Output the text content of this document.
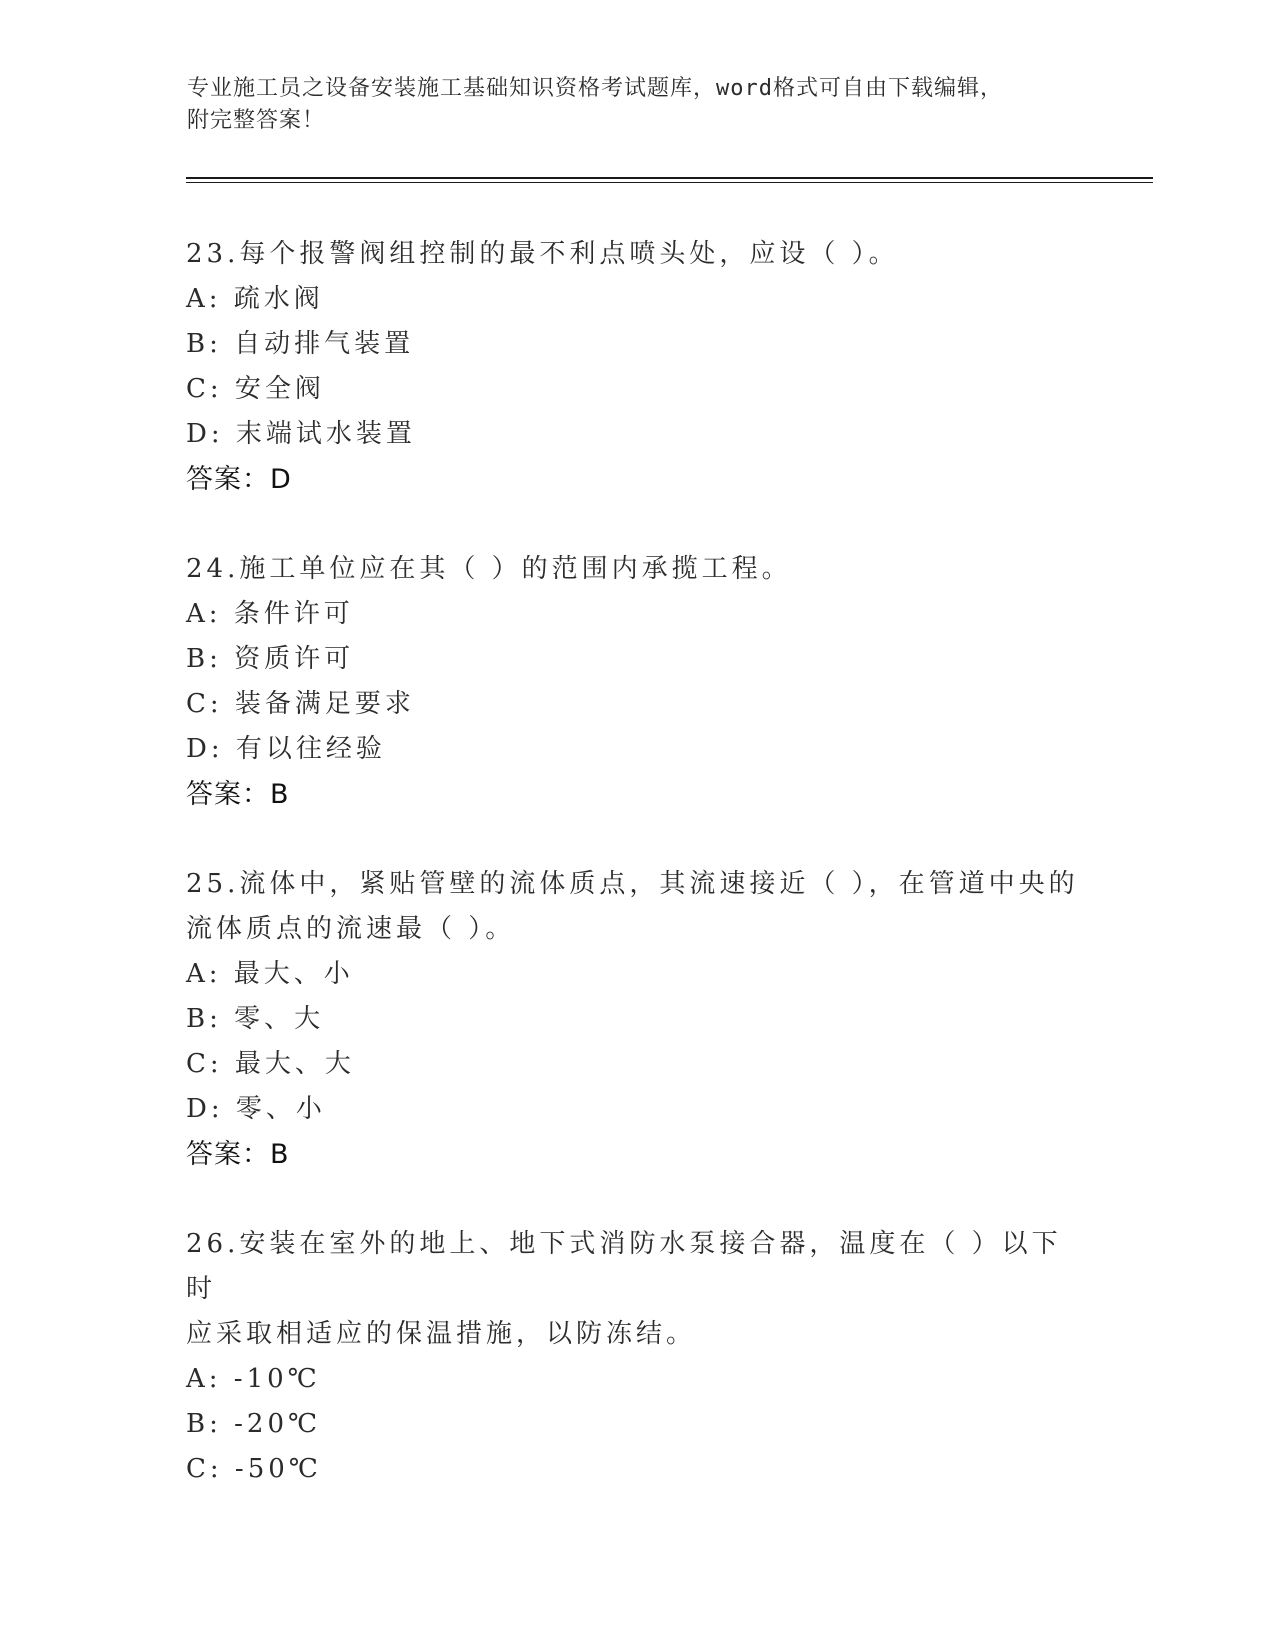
专业施工员之设备安装施工基础知识资格考试题库，word格式可自由下载编辑，
附完整答案！
23.每个报警阀组控制的最不利点喷头处，应设（ ）。
A: 疏水阀
B: 自动排气装置
C: 安全阀
D: 末端试水装置
答案：D
24.施工单位应在其（ ）的范围内承揽工程。
A: 条件许可
B: 资质许可
C: 装备满足要求
D: 有以往经验
答案：B
25.流体中，紧贴管壁的流体质点，其流速接近（ ），在管道中央的
流体质点的流速最（ ）。
A: 最大、小
B: 零、大
C: 最大、大
D: 零、小
答案：B
26.安装在室外的地上、地下式消防水泵接合器，温度在（ ）以下时
应采取相适应的保温措施，以防冻结。
A: -10℃
B: -20℃
C: -50℃
